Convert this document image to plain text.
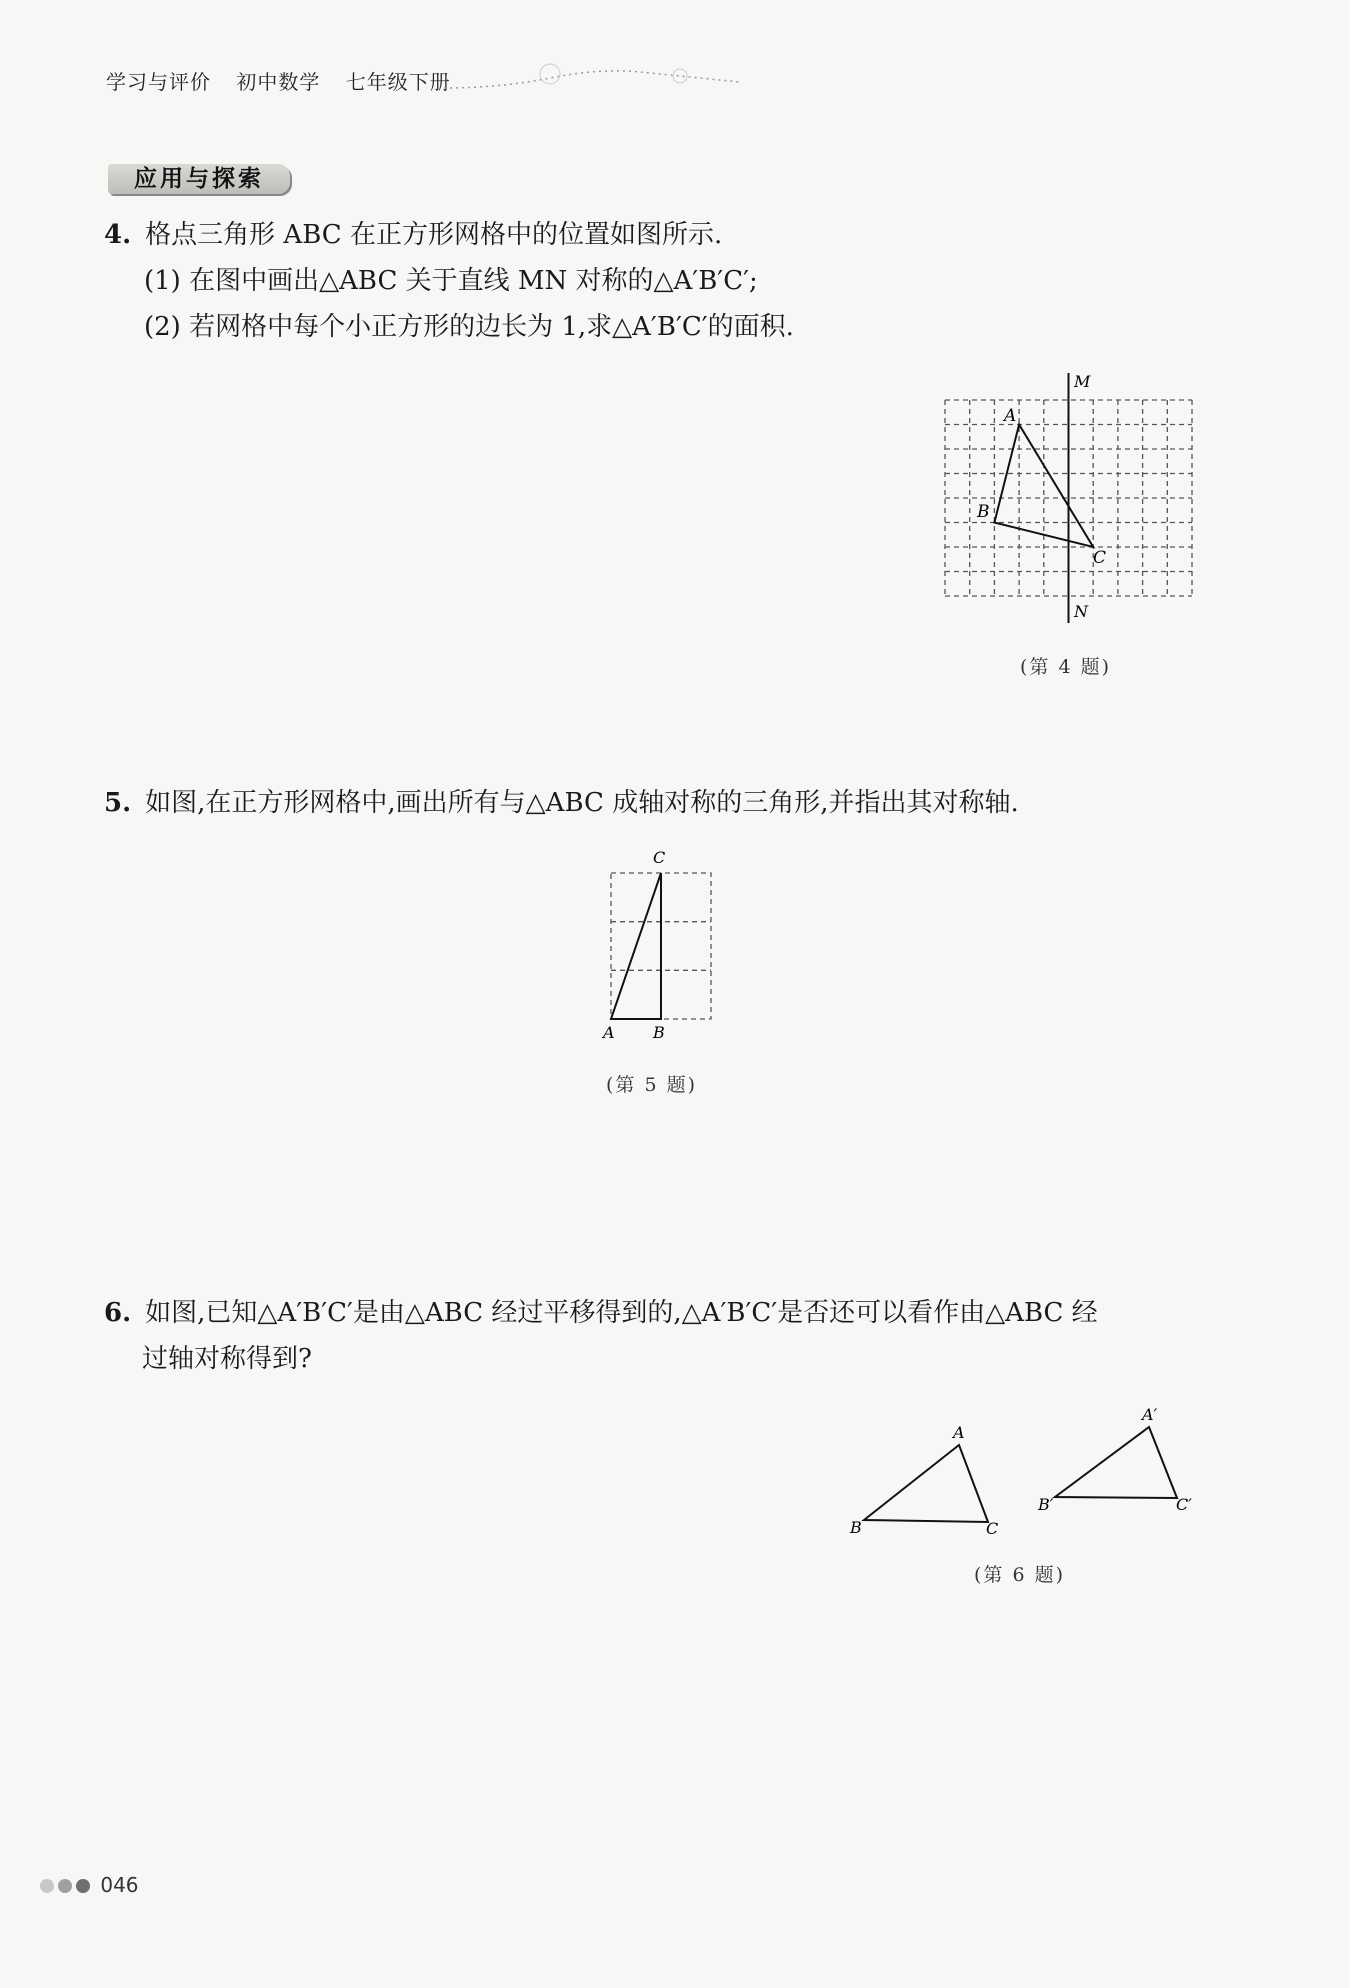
学习与评价 初中数学 七年级下册
应用与探索
4. 格点三角形 ABC 在正方形网格中的位置如图所示.
(1) 在图中画出△ABC 关于直线 MN 对称的△A′B′C′;
(2) 若网格中每个小正方形的边长为 1,求△A′B′C′的面积.
M
N
A
B
C
(第 4 题)
5. 如图,在正方形网格中,画出所有与△ABC 成轴对称的三角形,并指出其对称轴.
C
A B
(第 5 题)
6. 如图,已知△A′B′C′是由△ABC 经过平移得到的,△A′B′C′是否还可以看作由△ABC 经
过轴对称得到?
A
B	C
A′
B′	C′
(第 6 题)
046
